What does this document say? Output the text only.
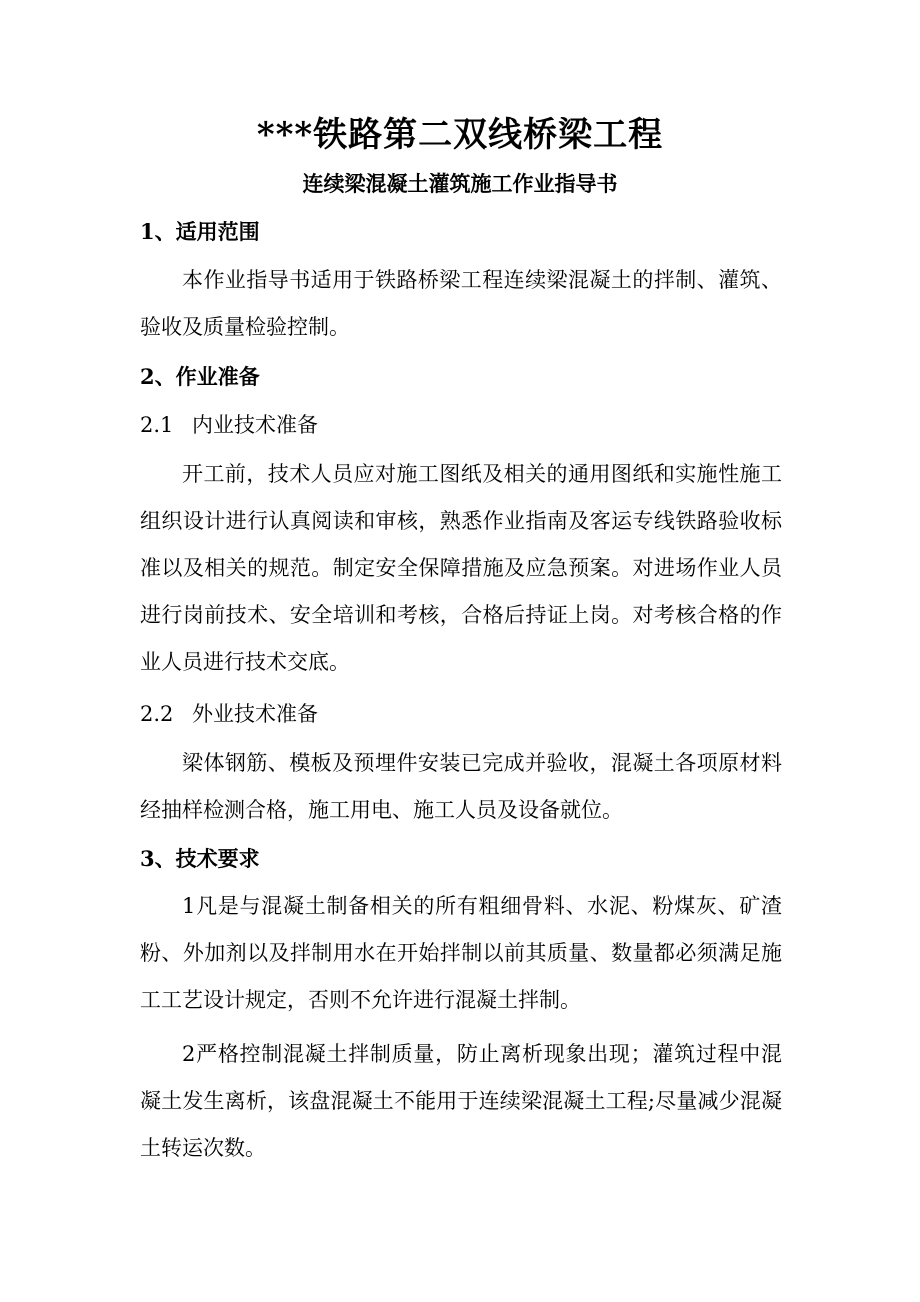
***铁路第二双线桥梁工程
连续梁混凝土灌筑施工作业指导书
1、适用范围
本作业指导书适用于铁路桥梁工程连续梁混凝土的拌制、灌筑、验收及质量检验控制。
2、作业准备
2.1 内业技术准备
开工前，技术人员应对施工图纸及相关的通用图纸和实施性施工组织设计进行认真阅读和审核，熟悉作业指南及客运专线铁路验收标准以及相关的规范。制定安全保障措施及应急预案。对进场作业人员进行岗前技术、安全培训和考核，合格后持证上岗。对考核合格的作业人员进行技术交底。
2.2 外业技术准备
梁体钢筋、模板及预埋件安装已完成并验收，混凝土各项原材料经抽样检测合格，施工用电、施工人员及设备就位。
3、技术要求
1凡是与混凝土制备相关的所有粗细骨料、水泥、粉煤灰、矿渣粉、外加剂以及拌制用水在开始拌制以前其质量、数量都必须满足施工工艺设计规定，否则不允许进行混凝土拌制。
2严格控制混凝土拌制质量，防止离析现象出现；灌筑过程中混凝土发生离析，该盘混凝土不能用于连续梁混凝土工程;尽量减少混凝土转运次数。
